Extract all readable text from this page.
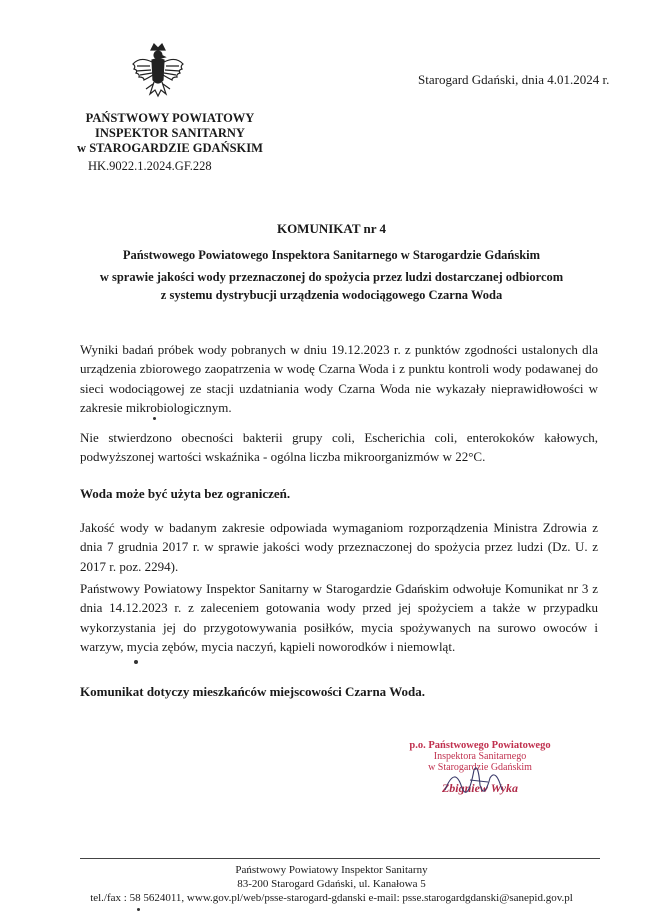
Starogard Gdański, dnia 4.01.2024 r.
PAŃSTWOWY POWIATOWY
INSPEKTOR SANITARNY
w STAROGARDZIE GDAŃSKIM
HK.9022.1.2024.GF.228
KOMUNIKAT nr 4
Państwowego Powiatowego Inspektora Sanitarnego w Starogardzie Gdańskim
w sprawie jakości wody przeznaczonej do spożycia przez ludzi dostarczanej odbiorcom
z systemu dystrybucji urządzenia wodociągowego Czarna Woda
Wyniki badań próbek wody pobranych w dniu 19.12.2023 r. z punktów zgodności ustalonych dla urządzenia zbiorowego zaopatrzenia w wodę Czarna Woda i z punktu kontroli wody podawanej do sieci wodociągowej ze stacji uzdatniania wody Czarna Woda nie wykazały nieprawidłowości w zakresie mikrobiologicznym.
Nie stwierdzono obecności bakterii grupy coli, Escherichia coli, enterokoków kałowych, podwyższonej wartości wskaźnika - ogólna liczba mikroorganizmów w 22°C.
Woda może być użyta bez ograniczeń.
Jakość wody w badanym zakresie odpowiada wymaganiom rozporządzenia Ministra Zdrowia z dnia 7 grudnia 2017 r. w sprawie jakości wody przeznaczonej do spożycia przez ludzi (Dz. U. z 2017 r. poz. 2294).
Państwowy Powiatowy Inspektor Sanitarny w Starogardzie Gdańskim odwołuje Komunikat nr 3 z dnia 14.12.2023 r. z zaleceniem gotowania wody przed jej spożyciem a także w przypadku wykorzystania jej do przygotowywania posiłków, mycia spożywanych na surowo owoców i warzyw, mycia zębów, mycia naczyń, kąpieli noworodków i niemowląt.
Komunikat dotyczy mieszkańców miejscowości Czarna Woda.
p.o. Państwowego Powiatowego
Inspektora Sanitarnego
w Starogardzie Gdańskim
Zbigniew Wyka
Państwowy Powiatowy Inspektor Sanitarny
83-200 Starogard Gdański, ul. Kanałowa 5
tel./fax : 58 5624011, www.gov.pl/web/psse-starogard-gdanski e-mail: psse.starogardgdanski@sanepid.gov.pl
